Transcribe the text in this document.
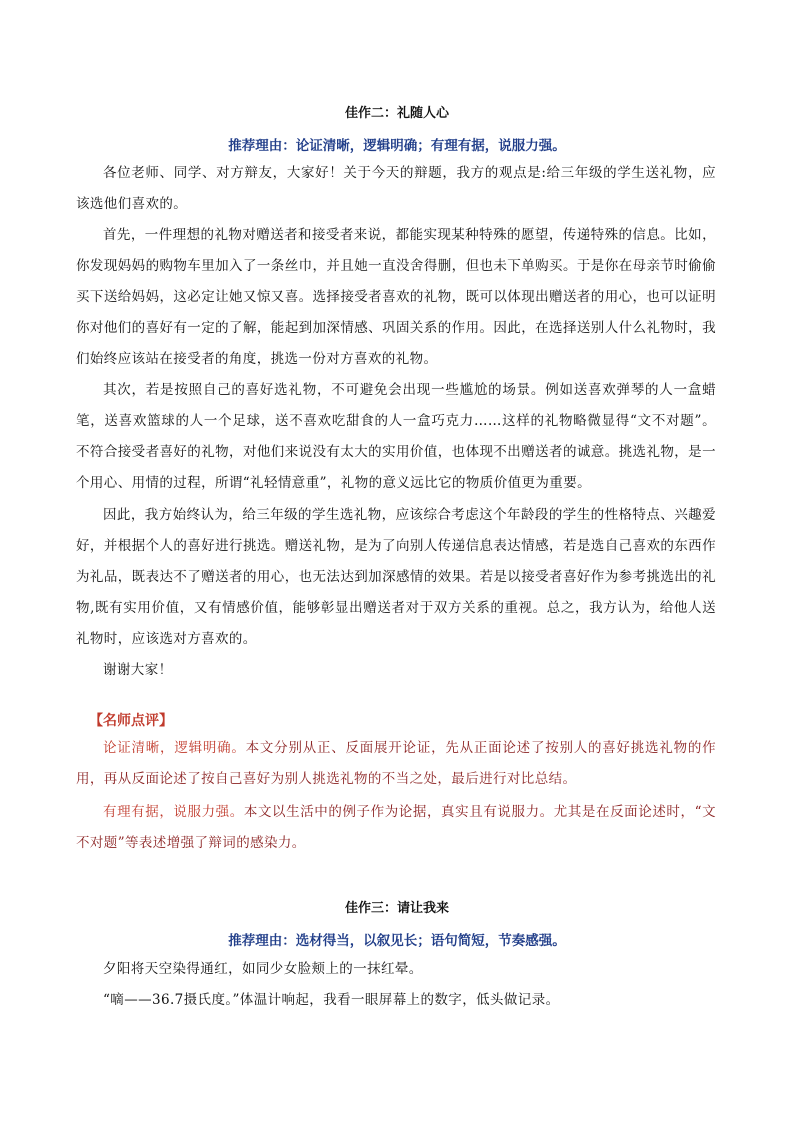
佳作二：礼随人心
推荐理由：论证清晰，逻辑明确；有理有据，说服力强。

各位老师、同学、对方辩友，大家好！关于今天的辩题，我方的观点是:给三年级的学生送礼物，应该选他们喜欢的。

首先，一件理想的礼物对赠送者和接受者来说，都能实现某种特殊的愿望，传递特殊的信息。比如，你发现妈妈的购物车里加入了一条丝巾，并且她一直没舍得删，但也未下单购买。于是你在母亲节时偷偷买下送给妈妈，这必定让她又惊又喜。选择接受者喜欢的礼物，既可以体现出赠送者的用心，也可以证明你对他们的喜好有一定的了解，能起到加深情感、巩固关系的作用。因此，在选择送别人什么礼物时，我们始终应该站在接受者的角度，挑选一份对方喜欢的礼物。

其次，若是按照自己的喜好选礼物，不可避免会出现一些尴尬的场景。例如送喜欢弹琴的人一盒蜡笔，送喜欢篮球的人一个足球，送不喜欢吃甜食的人一盒巧克力……这样的礼物略微显得“文不对题”。不符合接受者喜好的礼物，对他们来说没有太大的实用价值，也体现不出赠送者的诚意。挑选礼物，是一个用心、用情的过程，所谓“礼轻情意重”，礼物的意义远比它的物质价值更为重要。

因此，我方始终认为，给三年级的学生选礼物，应该综合考虑这个年龄段的学生的性格特点、兴趣爱好，并根据个人的喜好进行挑选。赠送礼物，是为了向别人传递信息表达情感，若是选自己喜欢的东西作为礼品，既表达不了赠送者的用心，也无法达到加深感情的效果。若是以接受者喜好作为参考挑选出的礼物,既有实用价值，又有情感价值，能够彰显出赠送者对于双方关系的重视。总之，我方认为，给他人送礼物时，应该选对方喜欢的。

谢谢大家！

【名师点评】

论证清晰，逻辑明确。本文分别从正、反面展开论证，先从正面论述了按别人的喜好挑选礼物的作用，再从反面论述了按自己喜好为别人挑选礼物的不当之处，最后进行对比总结。

有理有据，说服力强。本文以生活中的例子作为论据，真实且有说服力。尤其是在反面论述时，“文不对题”等表述增强了辩词的感染力。

佳作三：请让我来
推荐理由：选材得当，以叙见长；语句简短，节奏感强。

夕阳将天空染得通红，如同少女脸颊上的一抹红晕。

“嘀——36.7摄氏度。”体温计响起，我看一眼屏幕上的数字，低头做记录。
